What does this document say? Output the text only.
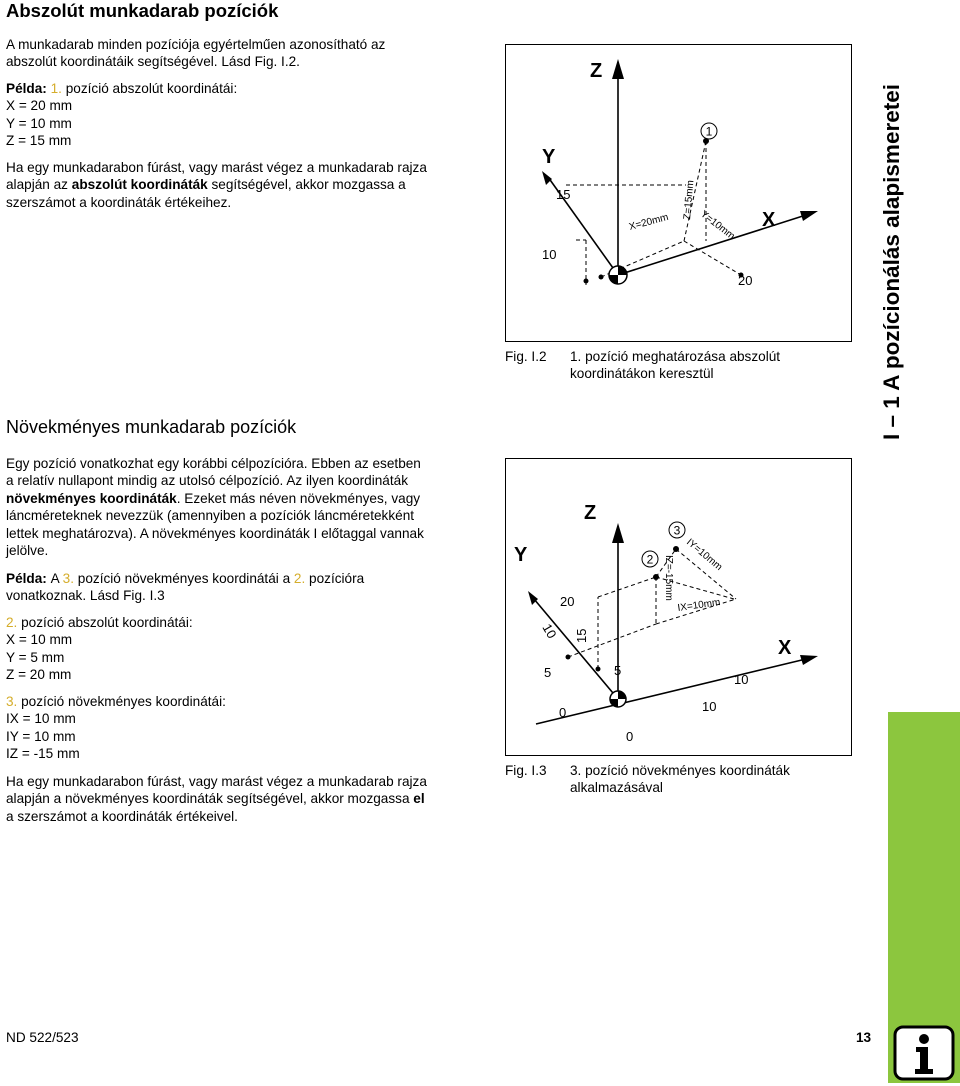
Abszolút munkadarab pozíciók

A munkadarab minden pozíciója egyértelműen azonosítható az
abszolút koordinátáik segítségével. Lásd Fig. I.2.

Példa: 1. pozíció abszolút koordinátái:
X = 20 mm
Y = 10 mm
Z = 15 mm

Ha egy munkadarabon fúrást, vagy marást végez a munkadarab rajza
alapján az abszolút koordináták segítségével, akkor mozgassa a
szerszámot a koordináták értékeihez.

Növekményes munkadarab pozíciók

Egy pozíció vonatkozhat egy korábbi célpozícióra. Ebben az esetben
a relatív nullapont mindig az utolsó célpozíció. Az ilyen koordináták
növekményes koordináták. Ezeket más néven növekményes, vagy
láncméreteknek nevezzük (amennyiben a pozíciók láncméretekként
lettek meghatározva). A növekményes koordináták I előtaggal vannak
jelölve.

Példa: A 3. pozíció növekményes koordinátái a 2. pozícióra
vonatkoznak. Lásd Fig. I.3

2. pozíció abszolút koordinátái:
X = 10 mm
Y = 5 mm
Z = 20 mm

3. pozíció növekményes koordinátái:
IX = 10 mm
IY = 10 mm
IZ = -15 mm

Ha egy munkadarabon fúrást, vagy marást végez a munkadarab rajza
alapján a növekményes koordináták segítségével, akkor mozgassa el
a szerszámot a koordináták értékeivel.

1
Z
Y
X
15
10
20
X=20mm	Y=10mm
Z=15mm
Fig. I.2 1. pozíció meghatározása abszolút
koordinátákon keresztül
2
3
Z
Y
X
20
10 15
5	5
0
10
10
0
IY=10mm
IZ=-15mm
IX=10mm
Fig. I.3 3. pozíció növekményes koordináták
alkalmazásával
I – 1 A pozícionálás alapismeretei
ND 522/523	13
